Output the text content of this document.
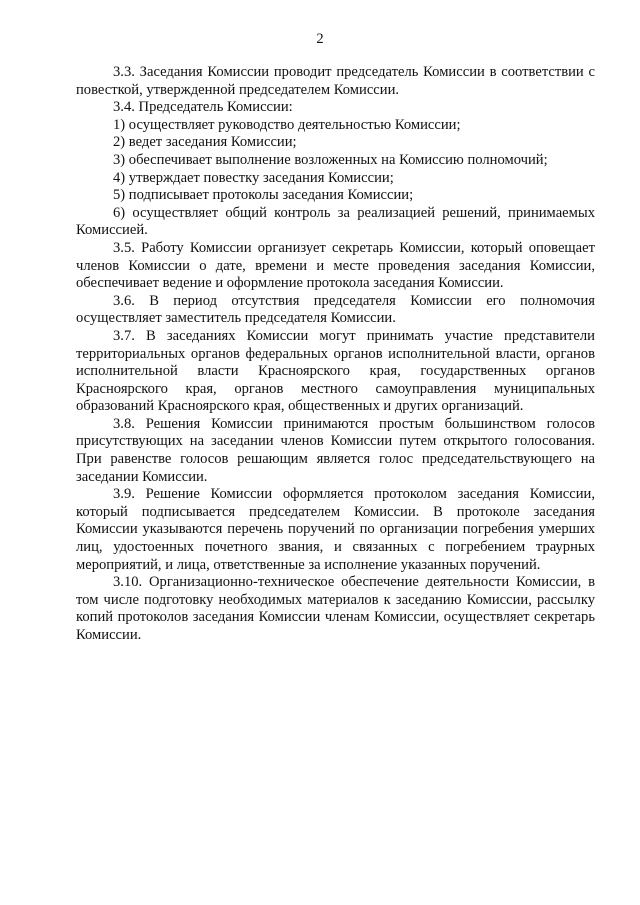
2

3.3. Заседания Комиссии проводит председатель Комиссии в соответствии с повесткой, утвержденной председателем Комиссии.

3.4. Председатель Комиссии:

1) осуществляет руководство деятельностью Комиссии;

2) ведет заседания Комиссии;

3) обеспечивает выполнение возложенных на Комиссию полномочий;

4) утверждает повестку заседания Комиссии;

5) подписывает протоколы заседания Комиссии;

6) осуществляет общий контроль за реализацией решений, принимаемых Комиссией.

3.5. Работу Комиссии организует секретарь Комиссии, который оповещает членов Комиссии о дате, времени и месте проведения заседания Комиссии, обеспечивает ведение и оформление протокола заседания Комиссии.

3.6. В период отсутствия председателя Комиссии его полномочия осуществляет заместитель председателя Комиссии.

3.7. В заседаниях Комиссии могут принимать участие представители территориальных органов федеральных органов исполнительной власти, органов исполнительной власти Красноярского края, государственных органов Красноярского края, органов местного самоуправления муниципальных образований Красноярского края, общественных и других организаций.

3.8. Решения Комиссии принимаются простым большинством голосов присутствующих на заседании членов Комиссии путем открытого голосования. При равенстве голосов решающим является голос председательствующего на заседании Комиссии.

3.9. Решение Комиссии оформляется протоколом заседания Комиссии, который подписывается председателем Комиссии. В протоколе заседания Комиссии указываются перечень поручений по организации погребения умерших лиц, удостоенных почетного звания, и связанных с погребением траурных мероприятий, и лица, ответственные за исполнение указанных поручений.

3.10. Организационно-техническое обеспечение деятельности Комиссии, в том числе подготовку необходимых материалов к заседанию Комиссии, рассылку копий протоколов заседания Комиссии членам Комиссии, осуществляет секретарь Комиссии.
